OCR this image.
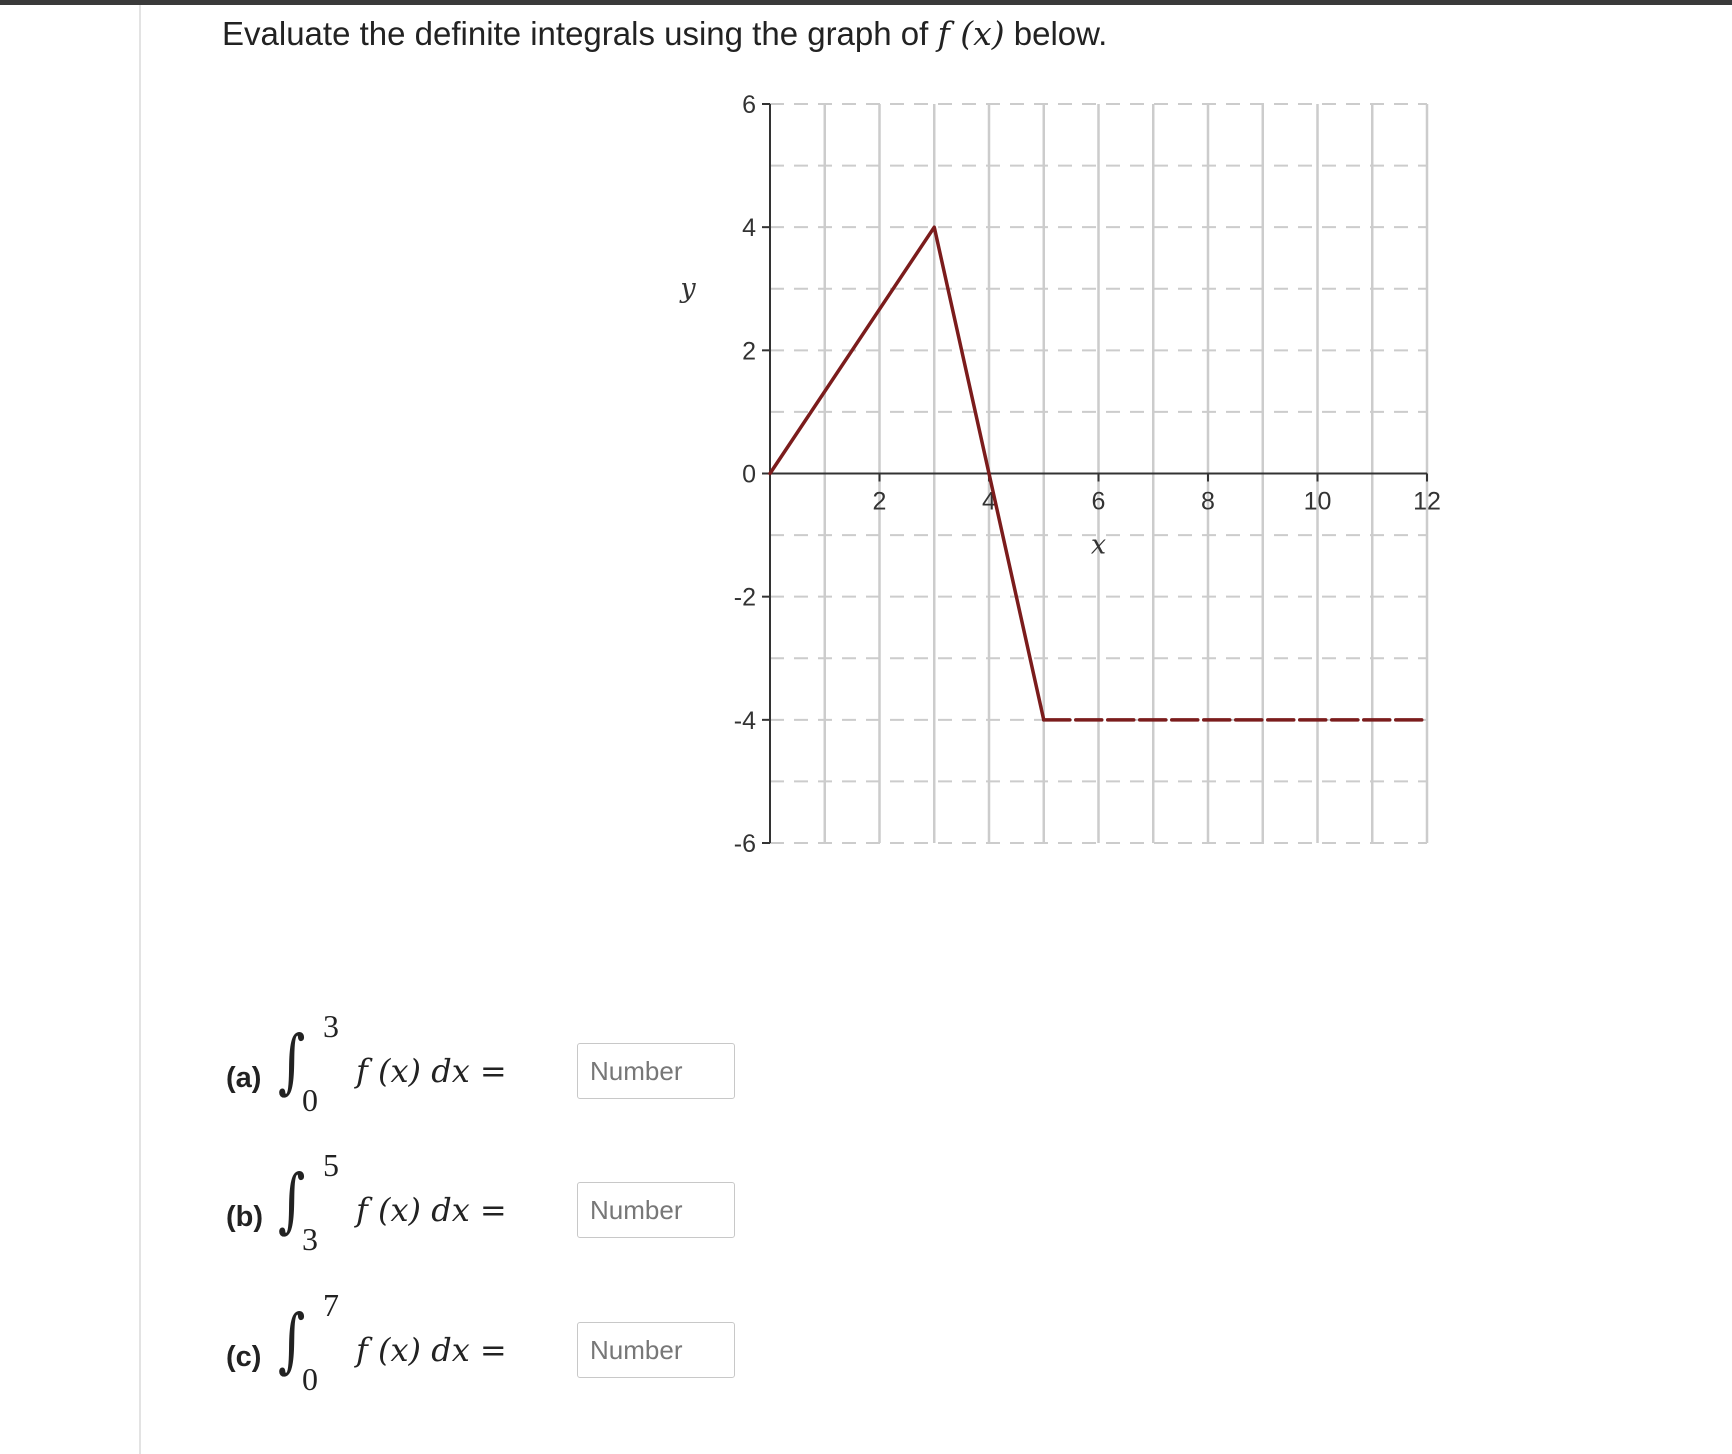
Evaluate the definite integrals using the graph of f (x) below.
6
4
2
0
-2
-4
-6
2	4	6	8	10	12
x
y
(a) ∫ 3
0
f (x) dx =
Number
(b) ∫ 5
3
f (x) dx =
Number
(c) ∫ 7
0
f (x) dx =
Number
